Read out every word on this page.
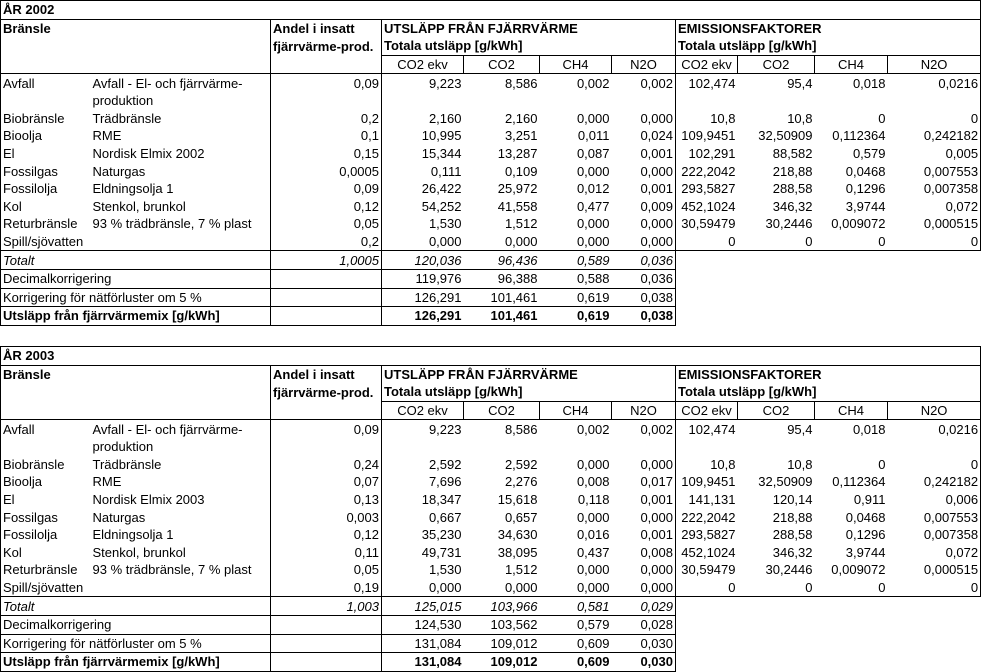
ÅR 2002										
Bränsle		Andel i insatt	UTSLÄPP FRÅN FJÄRRVÄRME				EMISSIONSFAKTORER			
		fjärrvärme-prod.	Totala utsläpp [g/kWh]				Totala utsläpp [g/kWh]			
			CO2 ekv	CO2	CH4	N2O	CO2 ekv	CO2	CH4	N2O
Avfall	Avfall - El- och fjärrvärme-	0,09	9,223	8,586	0,002	0,002	102,474	95,4	0,018	0,0216
	produktion									
Biobränsle	Trädbränsle	0,2	2,160	2,160	0,000	0,000	10,8	10,8	0	0
Bioolja	RME	0,1	10,995	3,251	0,011	0,024	109,9451	32,50909	0,112364	0,242182
El	Nordisk Elmix 2002	0,15	15,344	13,287	0,087	0,001	102,291	88,582	0,579	0,005
Fossilgas	Naturgas	0,0005	0,111	0,109	0,000	0,000	222,2042	218,88	0,0468	0,007553
Fossilolja	Eldningsolja 1	0,09	26,422	25,972	0,012	0,001	293,5827	288,58	0,1296	0,007358
Kol	Stenkol, brunkol	0,12	54,252	41,558	0,477	0,009	452,1024	346,32	3,9744	0,072
Returbränsle	93 % trädbränsle, 7 % plast	0,05	1,530	1,512	0,000	0,000	30,59479	30,2446	0,009072	0,000515
Spill/sjövatten		0,2	0,000	0,000	0,000	0,000	0	0	0	0
Totalt		1,0005	120,036	96,436	0,589	0,036				
Decimalkorrigering			119,976	96,388	0,588	0,036				
Korrigering för nätförluster om 5 %			126,291	101,461	0,619	0,038				
Utsläpp från fjärrvärmemix [g/kWh]			126,291	101,461	0,619	0,038				
ÅR 2003										
Bränsle		Andel i insatt	UTSLÄPP FRÅN FJÄRRVÄRME				EMISSIONSFAKTORER			
		fjärrvärme-prod.	Totala utsläpp [g/kWh]				Totala utsläpp [g/kWh]			
			CO2 ekv	CO2	CH4	N2O	CO2 ekv	CO2	CH4	N2O
Avfall	Avfall - El- och fjärrvärme-	0,09	9,223	8,586	0,002	0,002	102,474	95,4	0,018	0,0216
	produktion									
Biobränsle	Trädbränsle	0,24	2,592	2,592	0,000	0,000	10,8	10,8	0	0
Bioolja	RME	0,07	7,696	2,276	0,008	0,017	109,9451	32,50909	0,112364	0,242182
El	Nordisk Elmix 2003	0,13	18,347	15,618	0,118	0,001	141,131	120,14	0,911	0,006
Fossilgas	Naturgas	0,003	0,667	0,657	0,000	0,000	222,2042	218,88	0,0468	0,007553
Fossilolja	Eldningsolja 1	0,12	35,230	34,630	0,016	0,001	293,5827	288,58	0,1296	0,007358
Kol	Stenkol, brunkol	0,11	49,731	38,095	0,437	0,008	452,1024	346,32	3,9744	0,072
Returbränsle	93 % trädbränsle, 7 % plast	0,05	1,530	1,512	0,000	0,000	30,59479	30,2446	0,009072	0,000515
Spill/sjövatten		0,19	0,000	0,000	0,000	0,000	0	0	0	0
Totalt		1,003	125,015	103,966	0,581	0,029				
Decimalkorrigering			124,530	103,562	0,579	0,028				
Korrigering för nätförluster om 5 %			131,084	109,012	0,609	0,030				
Utsläpp från fjärrvärmemix [g/kWh]			131,084	109,012	0,609	0,030				
